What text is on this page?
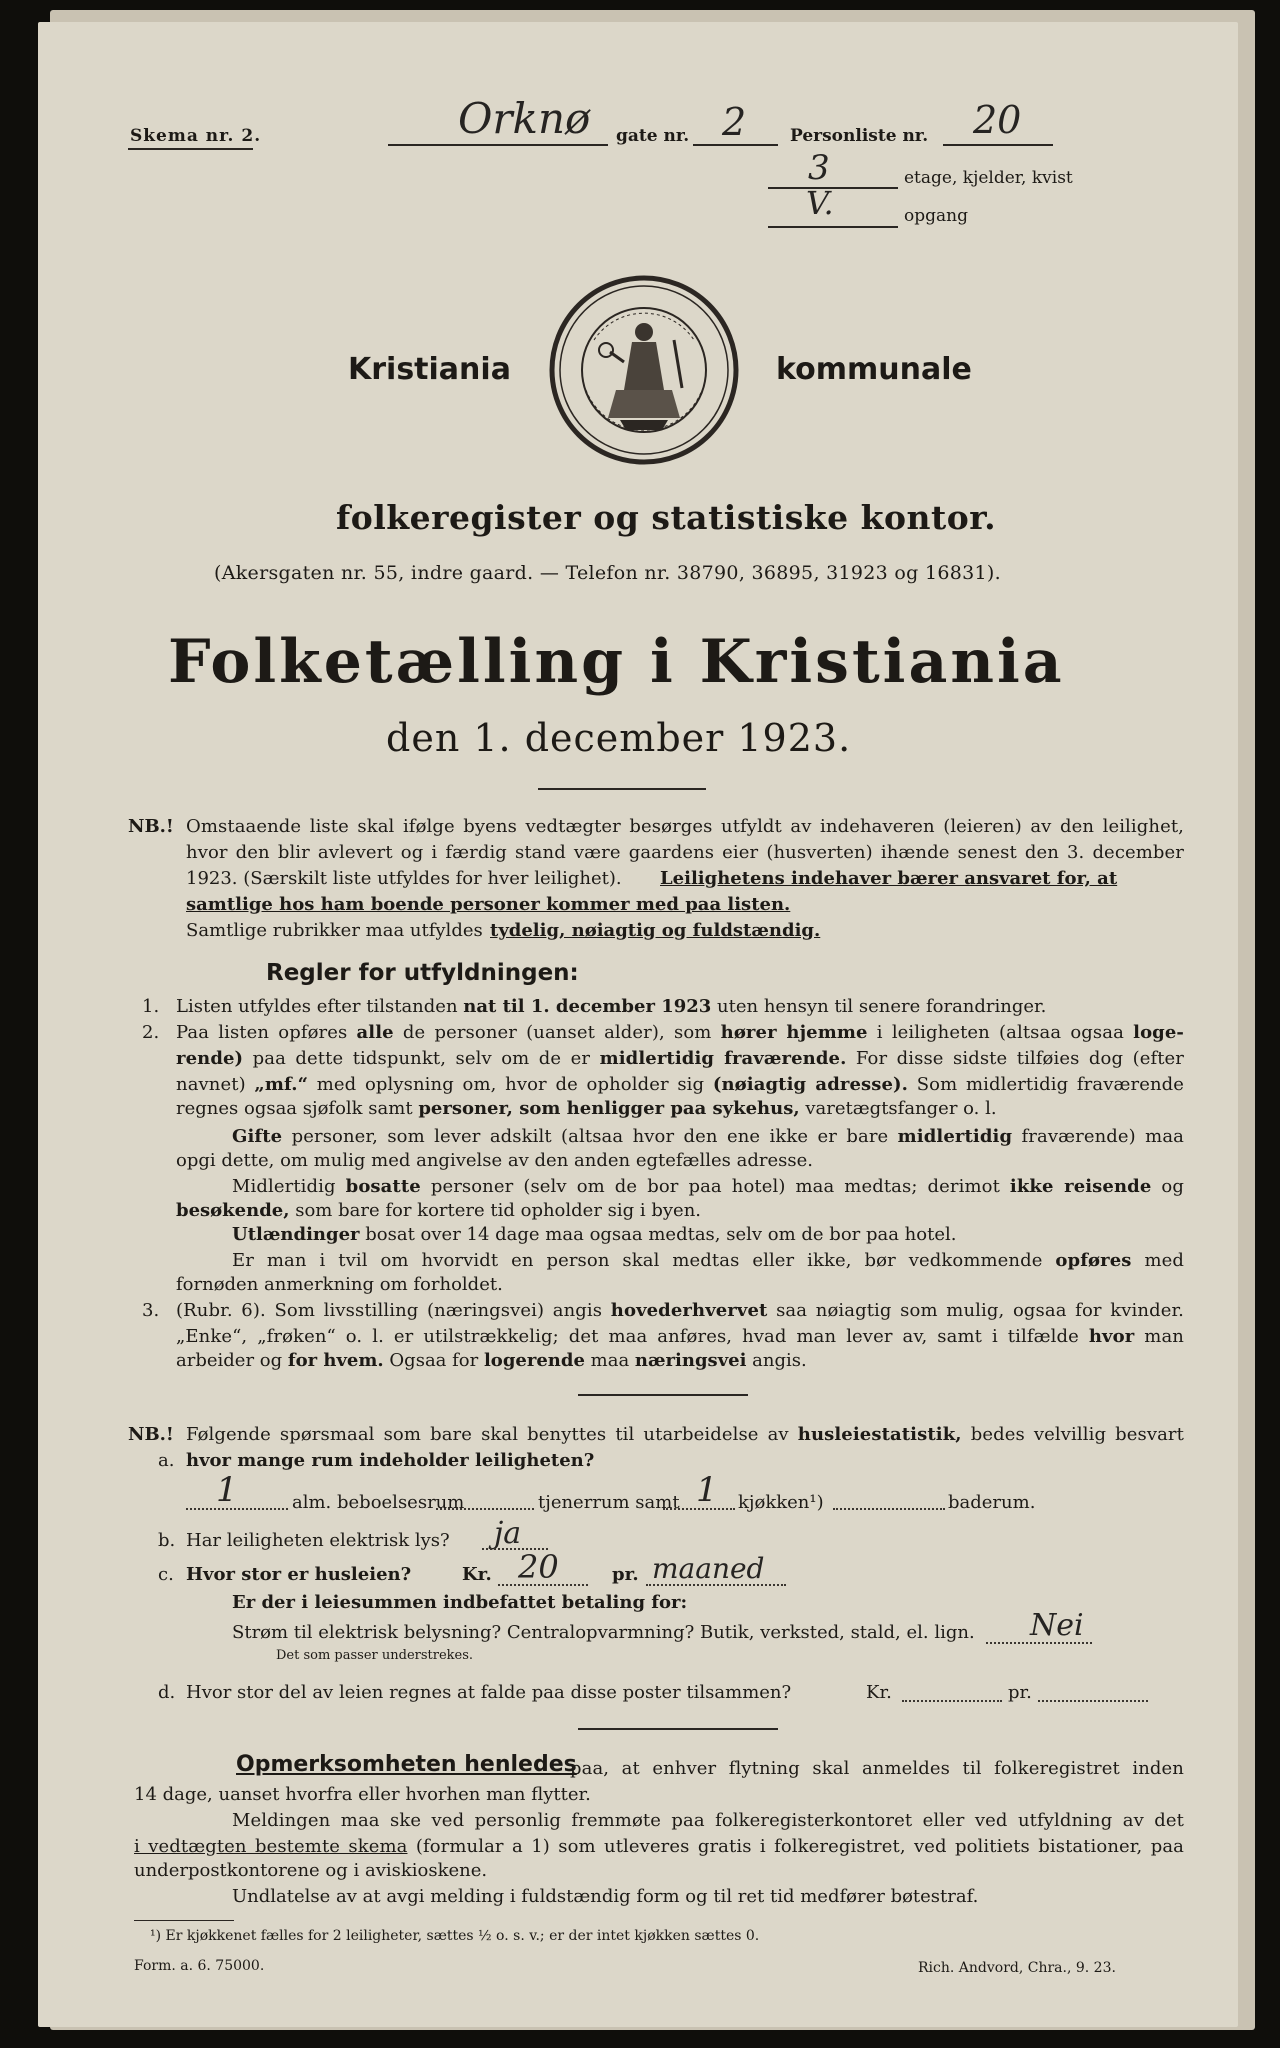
Skema nr. 2.	Orknø gate nr. 2	Personliste nr. 20
3	etage, kjelder, kvist
V.	opgang
Kristiania	kommunale
folkeregister og statistiske kontor.
(Akersgaten nr. 55, indre gaard. — Telefon nr. 38790, 36895, 31923 og 16831).
Folketælling i Kristiania
den 1. december 1923.
NB.! Omstaaende liste skal ifølge byens vedtægter besørges utfyldt av indehaveren (leieren) av den leilighet,
hvor den blir avlevert og i færdig stand være gaardens eier (husverten) ihænde senest den 3. december
1923. (Særskilt liste utfyldes for hver leilighet). Leilighetens indehaver bærer ansvaret for, at
samtlige hos ham boende personer kommer med paa listen.
Samtlige rubrikker maa utfyldes tydelig, nøiagtig og fuldstændig.
Regler for utfyldningen:
1. Listen utfyldes efter tilstanden nat til 1. december 1923 uten hensyn til senere forandringer.
2. Paa listen opføres alle de personer (uanset alder), som hører hjemme i leiligheten (altsaa ogsaa loge-
rende) paa dette tidspunkt, selv om de er midlertidig fraværende. For disse sidste tilføies dog (efter
navnet) „mf.“ med oplysning om, hvor de opholder sig (nøiagtig adresse). Som midlertidig fraværende
regnes ogsaa sjøfolk samt personer, som henligger paa sykehus, varetægtsfanger o. l.
Gifte personer, som lever adskilt (altsaa hvor den ene ikke er bare midlertidig fraværende) maa
opgi dette, om mulig med angivelse av den anden egtefælles adresse.
Midlertidig bosatte personer (selv om de bor paa hotel) maa medtas; derimot ikke reisende og
besøkende, som bare for kortere tid opholder sig i byen.
Utlændinger bosat over 14 dage maa ogsaa medtas, selv om de bor paa hotel.
Er man i tvil om hvorvidt en person skal medtas eller ikke, bør vedkommende opføres med
fornøden anmerkning om forholdet.
3. (Rubr. 6). Som livsstilling (næringsvei) angis hovederhvervet saa nøiagtig som mulig, ogsaa for kvinder.
„Enke“, „frøken“ o. l. er utilstrækkelig; det maa anføres, hvad man lever av, samt i tilfælde hvor man
arbeider og for hvem. Ogsaa for logerende maa næringsvei angis.
NB.! Følgende spørsmaal som bare skal benyttes til utarbeidelse av husleiestatistik, bedes velvillig besvart
a. hvor mange rum indeholder leiligheten?
1	alm. beboelsesrum	tjenerrum samt 1 kjøkken¹)	baderum.
b. Har leiligheten elektrisk lys? ja
c. Hvor stor er husleien?	Kr. 20	pr. maaned
Er der i leiesummen indbefattet betaling for:
Strøm til elektrisk belysning? Centralopvarmning? Butik, verksted, stald, el. lign. Nei
Det som passer understrekes.
d. Hvor stor del av leien regnes at falde paa disse poster tilsammen?	Kr.	pr.
Opmerksomheten henledes
paa, at enhver flytning skal anmeldes til folkeregistret inden
14 dage, uanset hvorfra eller hvorhen man flytter.
Meldingen maa ske ved personlig fremmøte paa folkeregisterkontoret eller ved utfyldning av det
i vedtægten bestemte skema (formular a 1) som utleveres gratis i folkeregistret, ved politiets bistationer, paa
underpostkontorene og i aviskioskene.
Undlatelse av at avgi melding i fuldstændig form og til ret tid medfører bøtestraf.
¹) Er kjøkkenet fælles for 2 leiligheter, sættes ½ o. s. v.; er der intet kjøkken sættes 0.
Form. a. 6. 75000.	Rich. Andvord, Chra., 9. 23.
